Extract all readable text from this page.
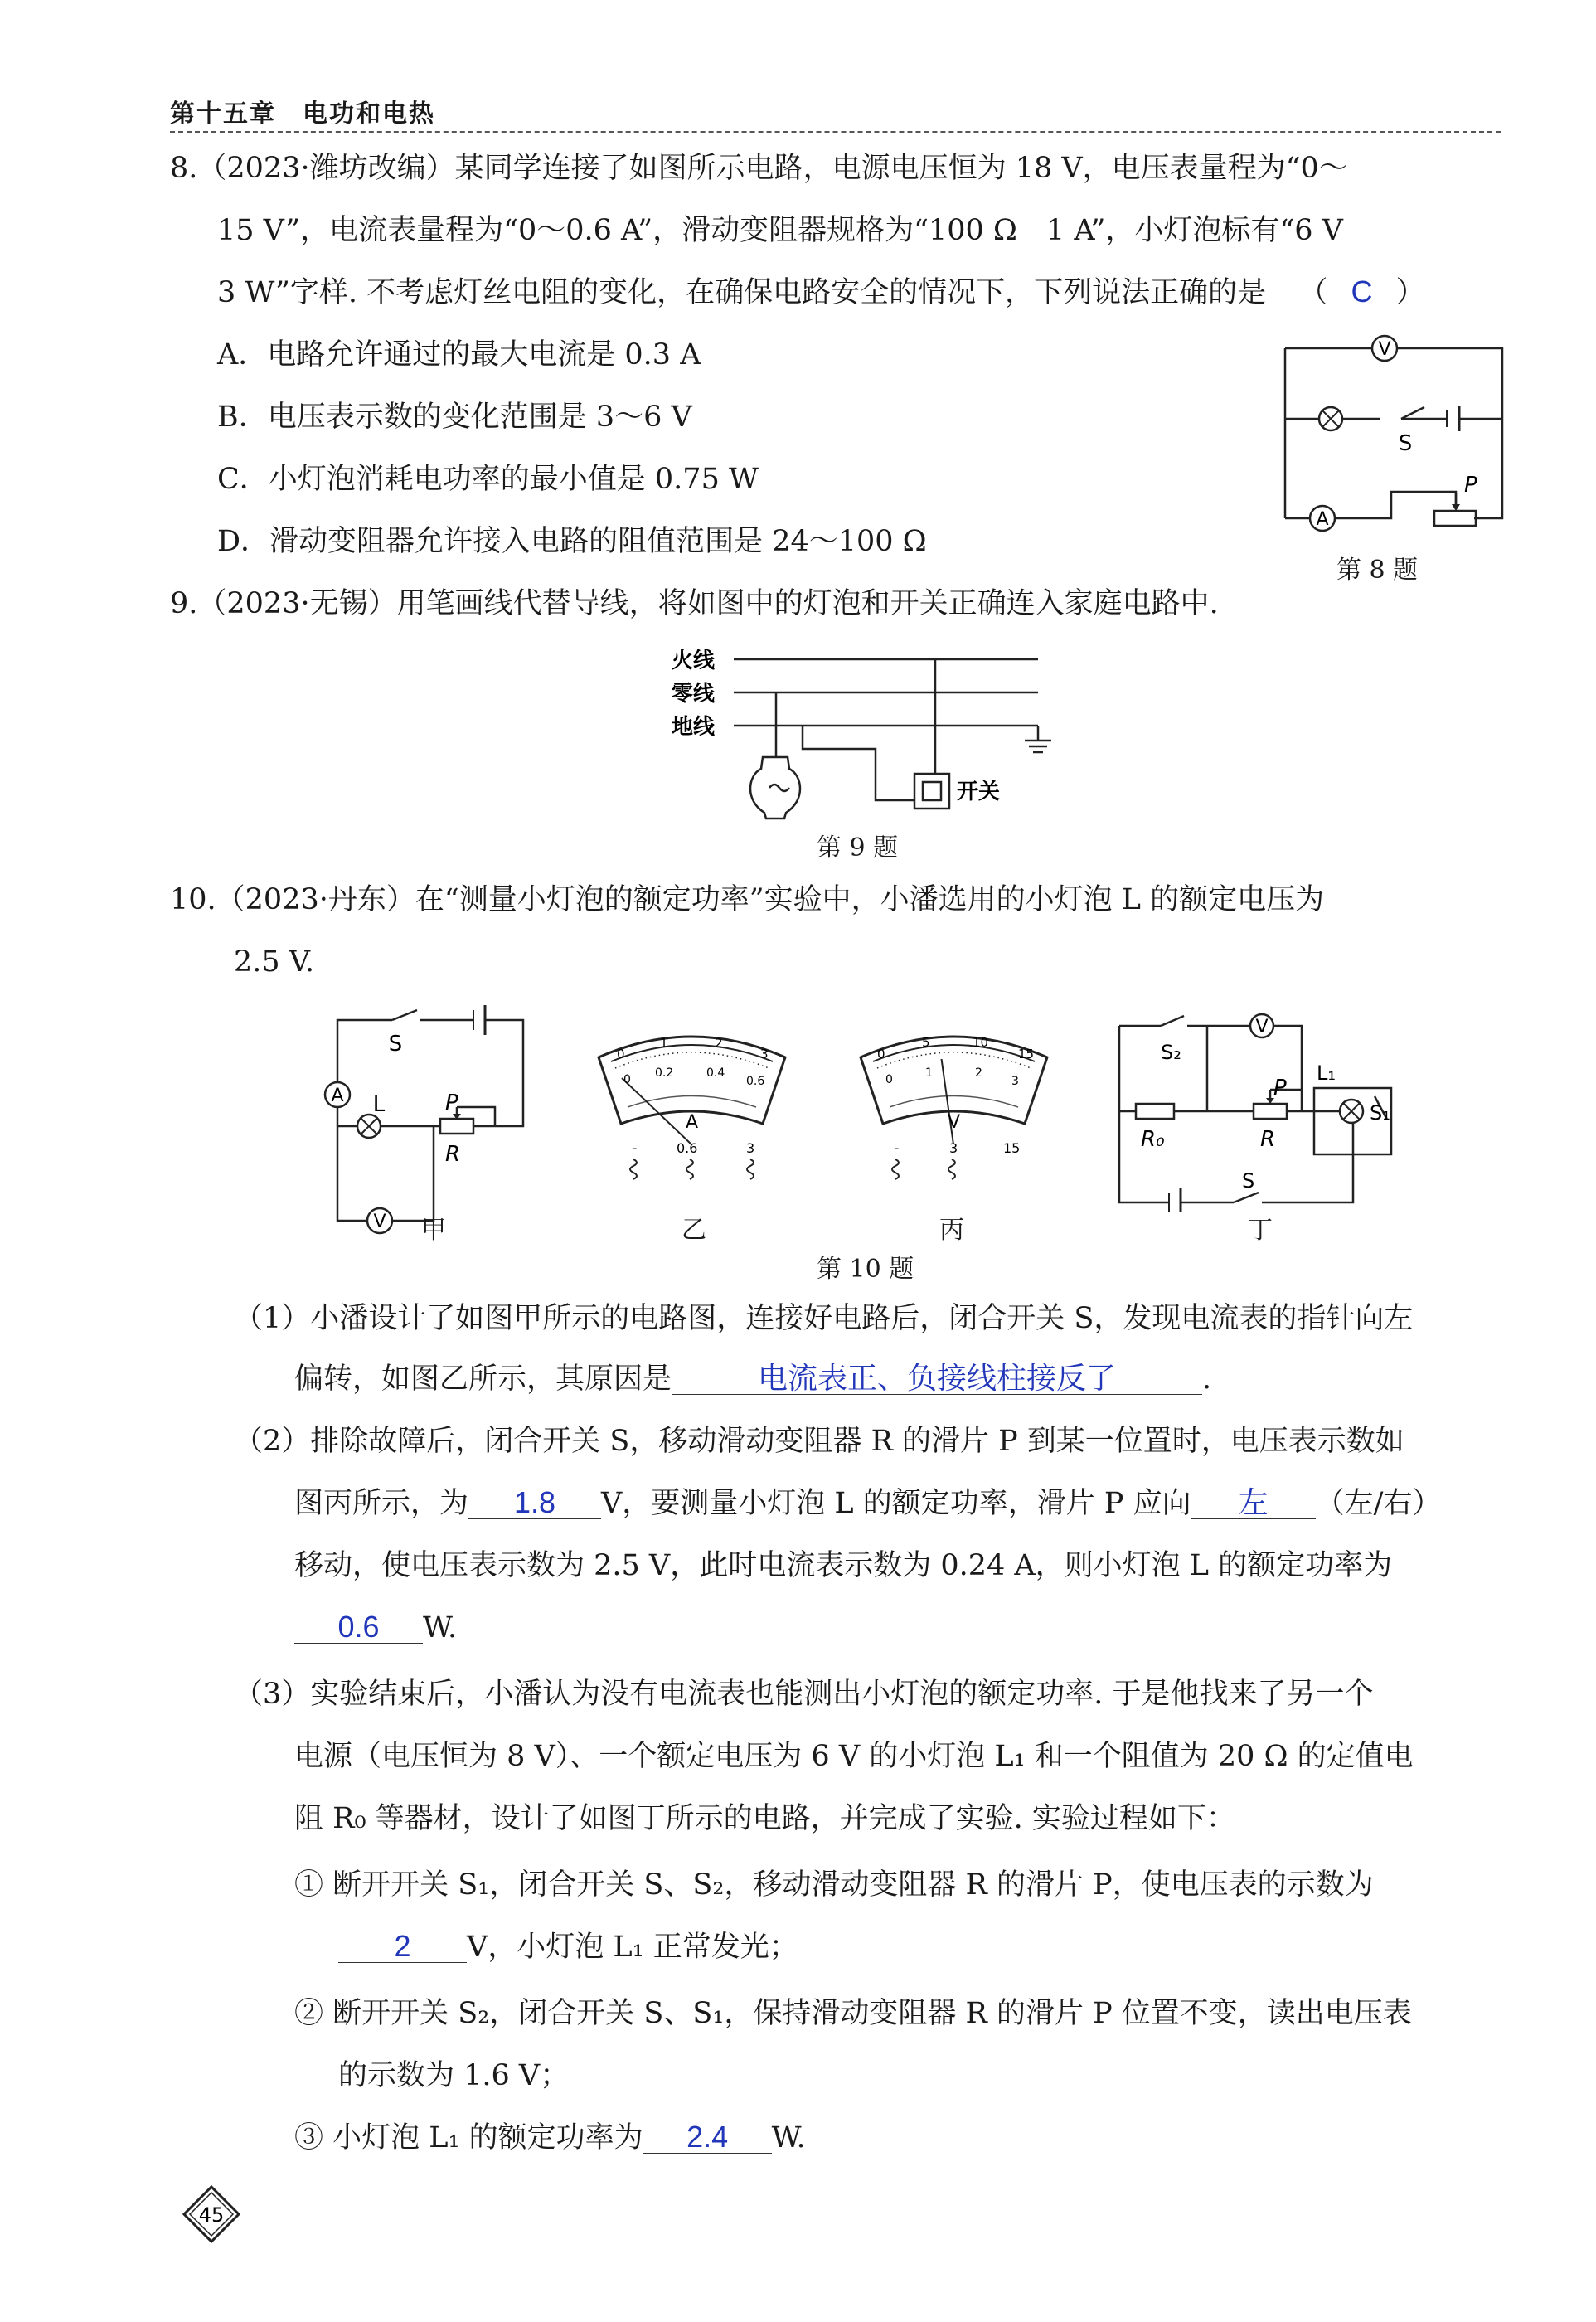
第十五章　电功和电热
8.（2023·潍坊改编）某同学连接了如图所示电路，电源电压恒为 18 V，电压表量程为“0～
15 V”，电流表量程为“0～0.6 A”，滑动变阻器规格为“100 Ω　1 A”，小灯泡标有“6 V
3 W”字样. 不考虑灯丝电阻的变化，在确保电路安全的情况下，下列说法正确的是 （ C ）
A．电路允许通过的最大电流是 0.3 A
B．电压表示数的变化范围是 3～6 V
C．小灯泡消耗电功率的最小值是 0.75 W
D．滑动变阻器允许接入电路的阻值范围是 24～100 Ω
V
A
S
P
第 8 题
9.（2023·无锡）用笔画线代替导线，将如图中的灯泡和开关正确连入家庭电路中.
火线
零线
地线
开关
第 9 题
10.（2023·丹东）在“测量小灯泡的额定功率”实验中，小潘选用的小灯泡 L 的额定电压为
2.5 V.
A
S
L	P
R
V 甲
0
1	2
3
0 0.2	0.4
0.6
A
-	0.6	3
乙
0
5	10
15
0	1	2
3
V
-	3	15
丙
S₂
V
L₁
S₁
P
R₀	R
S
丁
第 10 题
（1）小潘设计了如图甲所示的电路图，连接好电路后，闭合开关 S，发现电流表的指针向左
偏转，如图乙所示，其原因是	电流表正、负接线柱接反了	.
（2）排除故障后，闭合开关 S，移动滑动变阻器 R 的滑片 P 到某一位置时，电压表示数如
图丙所示，为 1.8 V，要测量小灯泡 L 的额定功率，滑片 P 应向 左 （左/右）
移动，使电压表示数为 2.5 V，此时电流表示数为 0.24 A，则小灯泡 L 的额定功率为
0.6 W.
（3）实验结束后，小潘认为没有电流表也能测出小灯泡的额定功率. 于是他找来了另一个
电源（电压恒为 8 V）、一个额定电压为 6 V 的小灯泡 L₁ 和一个阻值为 20 Ω 的定值电
阻 R₀ 等器材，设计了如图丁所示的电路，并完成了实验. 实验过程如下：
① 断开开关 S₁，闭合开关 S、S₂，移动滑动变阻器 R 的滑片 P，使电压表的示数为
2 V，小灯泡 L₁ 正常发光；
② 断开开关 S₂，闭合开关 S、S₁，保持滑动变阻器 R 的滑片 P 位置不变，读出电压表
的示数为 1.6 V；
③ 小灯泡 L₁ 的额定功率为 2.4 W.
45
